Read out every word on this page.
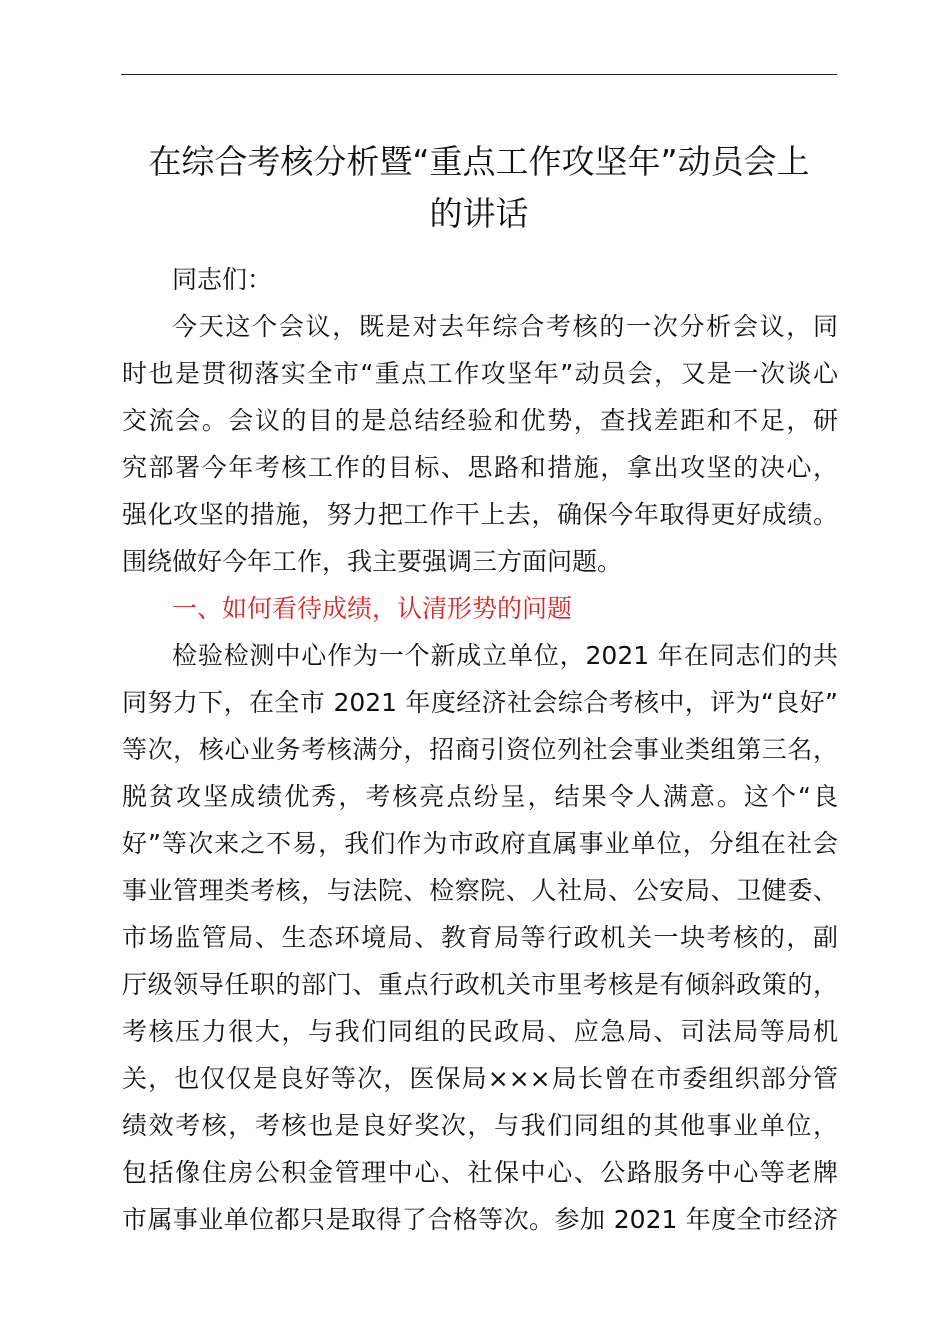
在综合考核分析暨“重点工作攻坚年”动员会上
的讲话
同志们：
今天这个会议，既是对去年综合考核的一次分析会议，同
时也是贯彻落实全市“重点工作攻坚年”动员会，又是一次谈心
交流会。会议的目的是总结经验和优势，查找差距和不足，研
究部署今年考核工作的目标、思路和措施，拿出攻坚的决心，
强化攻坚的措施，努力把工作干上去，确保今年取得更好成绩。
围绕做好今年工作，我主要强调三方面问题。
一、如何看待成绩，认清形势的问题
检验检测中心作为一个新成立单位，2021 年在同志们的共
同努力下，在全市 2021 年度经济社会综合考核中，评为“良好”
等次，核心业务考核满分，招商引资位列社会事业类组第三名，
脱贫攻坚成绩优秀，考核亮点纷呈，结果令人满意。这个“良
好”等次来之不易，我们作为市政府直属事业单位，分组在社会
事业管理类考核，与法院、检察院、人社局、公安局、卫健委、
市场监管局、生态环境局、教育局等行政机关一块考核的，副
厅级领导任职的部门、重点行政机关市里考核是有倾斜政策的，
考核压力很大，与我们同组的民政局、应急局、司法局等局机
关，也仅仅是良好等次，医保局×××局长曾在市委组织部分管
绩效考核，考核也是良好奖次，与我们同组的其他事业单位，
包括像住房公积金管理中心、社保中心、公路服务中心等老牌
市属事业单位都只是取得了合格等次。参加 2021 年度全市经济
